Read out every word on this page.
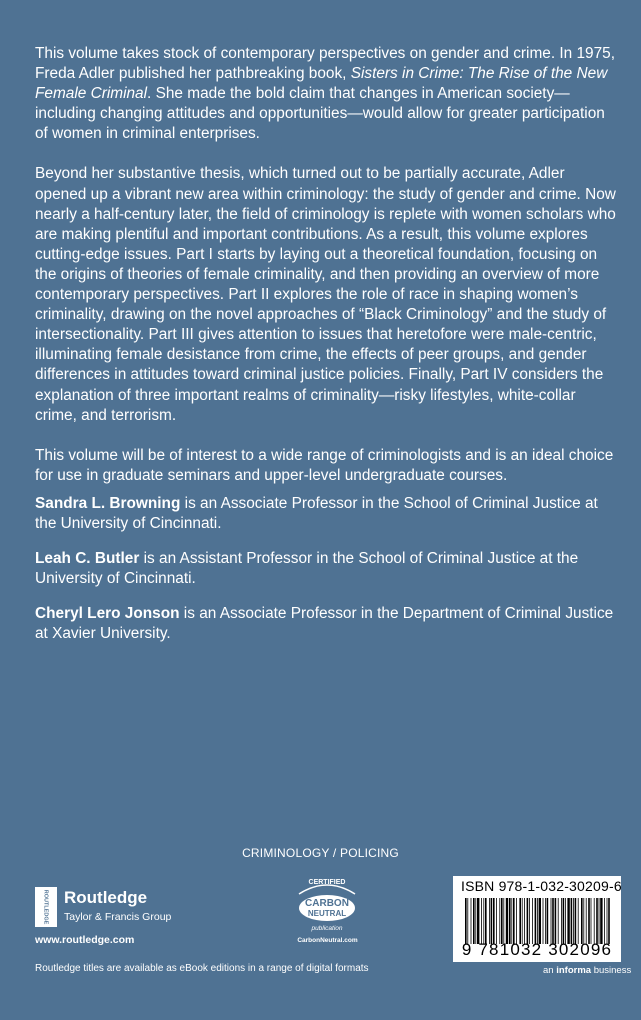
This volume takes stock of contemporary perspectives on gender and crime. In 1975, Freda Adler published her pathbreaking book, Sisters in Crime: The Rise of the New Female Criminal. She made the bold claim that changes in American society—including changing attitudes and opportunities—would allow for greater participation of women in criminal enterprises.

Beyond her substantive thesis, which turned out to be partially accurate, Adler opened up a vibrant new area within criminology: the study of gender and crime. Now nearly a half-century later, the field of criminology is replete with women scholars who are making plentiful and important contributions. As a result, this volume explores cutting-edge issues. Part I starts by laying out a theoretical foundation, focusing on the origins of theories of female criminality, and then providing an overview of more contemporary perspectives. Part II explores the role of race in shaping women’s criminality, drawing on the novel approaches of “Black Criminology” and the study of intersectionality. Part III gives attention to issues that heretofore were male-centric, illuminating female desistance from crime, the effects of peer groups, and gender differences in attitudes toward criminal justice policies. Finally, Part IV considers the explanation of three important realms of criminality—risky lifestyles, white-collar crime, and terrorism.

This volume will be of interest to a wide range of criminologists and is an ideal choice for use in graduate seminars and upper-level undergraduate courses.

Sandra L. Browning is an Associate Professor in the School of Criminal Justice at the University of Cincinnati.

Leah C. Butler is an Assistant Professor in the School of Criminal Justice at the University of Cincinnati.

Cheryl Lero Jonson is an Associate Professor in the Department of Criminal Justice at Xavier University.

CRIMINOLOGY / POLICING
ROUTLEDGE Routledge
Taylor & Francis Group
www.routledge.com
Routledge titles are available as eBook editions in a range of digital formats
CERTIFIED
CARBON
NEUTRAL
publication
CarbonNeutral.com
ISBN 978-1-032-30209-6
9 781032 302096
an informa business
